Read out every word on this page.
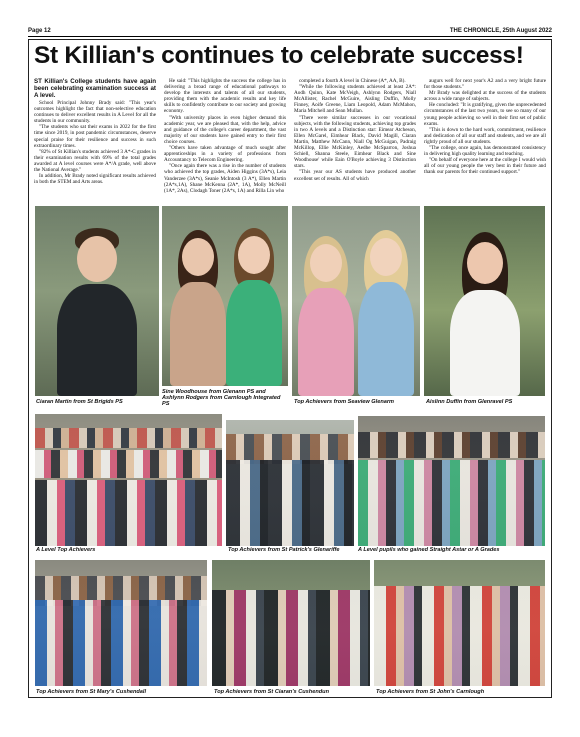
Page 12	THE CHRONICLE, 25th August 2022
St Killian's continues to celebrate success!

ST Killian's College students have again been celebrating examination success at A level.

School Principal Johnny Brady said: "This year's outcomes highlight the fact that non-selective education continues to deliver excellent results in A Level for all the students in our community.

"The students who sat their exams in 2022 for the first time since 2019, in post pandemic circumstances, deserve special praise for their resilience and success in such extraordinary times.

"82% of St Killian's students achieved 3 A*-C grades in their examination results with 69% of the total grades awarded at A level courses were A*/A grade, well above the National Average."

In addition, Mr Brady noted significant results achieved in both the STEM and Arts areas.

He said: "This highlights the success the college has in delivering a broad range of educational pathways to develop the interests and talents of all our students, providing them with the academic results and key life skills to confidently contribute to our society and growing economy.

"With university places in even higher demand this academic year, we are pleased that, with the help, advice and guidance of the college's career department, the vast majority of our students have gained entry to their first choice courses.

"Others have taken advantage of much sought after apprenticeships in a variety of professions from Accountancy to Telecom Engineering.

"Once again there was a rise in the number of students who achieved the top grades, Aiden Higgins (3A*s), Leia Vanderzee (3A*s), Seanie McIntosh (3 A*), Ellen Martin (2A*s,1A), Shane McKenna (2A*, 1A), Molly McNeill (1A*, 2As), Clodagh Toner (2A*s, 1A) and Rilla Lin who

completed a fourth A level in Chinese (A*, AA, B).

"While the following students achieved at least 2A*: Aodh Quinn, Kate McVeigh, Ashlynn Rodgers, Niall McAllister, Rachel McGuire, Aisling Duffin, Molly Finney, Aoife Greene, Liam Leopold, Adam McMahon, Maria Mitchell and Sean Mullan.

"There were similar successes in our vocational subjects, with the following students, achieving top grades in two A levels and a Distinction star: Eimear Atcheson, Ellen McGarel, Eimhear Black, David Magill, Ciaran Martin, Matthew McCann, Niall Og McGuigan, Padraig McKillop, Ellie McKinley, Aedhe McSparron, Joshua Schiell, Shanna Steele, Eimhear Black and Sine Woodhouse' while Eain O'Boyle achieving 3 Distinction stars.

"This year our AS students have produced another excellent set of results. All of which

augurs well for next year's A2 and a very bright future for those students."

Mr Brady was delighted at the success of the students across a wide range of subjects.

He concluded: "It is gratifying, given the unprecedented circumstances of the last two years, to see so many of our young people achieving so well in their first set of public exams.

"This is down to the hard work, commitment, resilience and dedication of all our staff and students, and we are all rightly proud of all our students.

"The college, once again, has demonstrated consistency in delivering high quality learning and teaching.

"On behalf of everyone here at the college I would wish all of our young people the very best in their future and thank our parents for their continued support."

Ciaran Martin from St Brigids PS
Sine Woodhouse from Glenann PS and Ashlynn Rodgers from Carnlough Integrated PS	Top Achievers from Seaview Glenarm	Aislinn Duffin from Glenravel PS
A Level Top Achievers	Top Achievers from St Patrick's Glenariffe	A Level pupils who gained Straight Astar or A Grades
Top Achievers from St Mary's Cushendall	Top Achievers from St Ciaran's Cushendun	Top Achievers from St John's Carnlough
